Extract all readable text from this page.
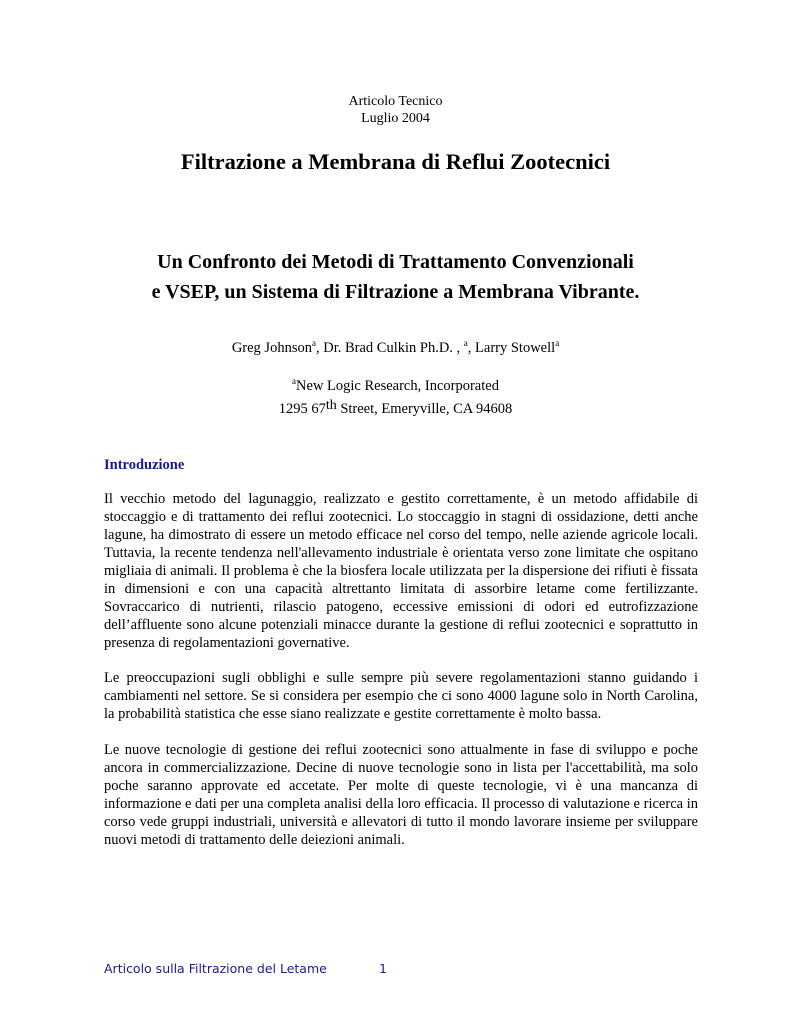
Articolo Tecnico
Luglio 2004
Filtrazione a Membrana di Reflui Zootecnici
Un Confronto dei Metodi di Trattamento Convenzionali
e VSEP, un Sistema di Filtrazione a Membrana Vibrante.
Greg Johnson$^a$, Dr. Brad Culkin Ph.D. , $^a$, Larry Stowell$^a$
$^a$New Logic Research, Incorporated
1295 67th Street, Emeryville, CA 94608
Introduzione

Il vecchio metodo del lagunaggio, realizzato e gestito correttamente, è un metodo affidabile di stoccaggio e di trattamento dei reflui zootecnici. Lo stoccaggio in stagni di ossidazione, detti anche lagune, ha dimostrato di essere un metodo efficace nel corso del tempo, nelle aziende agricole locali. Tuttavia, la recente tendenza nell'allevamento industriale è orientata verso zone limitate che ospitano migliaia di animali. Il problema è che la biosfera locale utilizzata per la dispersione dei rifiuti è fissata in dimensioni e con una capacità altrettanto limitata di assorbire letame come fertilizzante. Sovraccarico di nutrienti, rilascio patogeno, eccessive emissioni di odori ed eutrofizzazione dell’affluente sono alcune potenziali minacce durante la gestione di reflui zootecnici e soprattutto in presenza di regolamentazioni governative.

Le preoccupazioni sugli obblighi e sulle sempre più severe regolamentazioni stanno guidando i cambiamenti nel settore. Se si considera per esempio che ci sono 4000 lagune solo in North Carolina, la probabilità statistica che esse siano realizzate e gestite correttamente è molto bassa.

Le nuove tecnologie di gestione dei reflui zootecnici sono attualmente in fase di sviluppo e poche ancora in commercializzazione. Decine di nuove tecnologie sono in lista per l'accettabilità, ma solo poche saranno approvate ed accetate. Per molte di queste tecnologie, vi è una mancanza di informazione e dati per una completa analisi della loro efficacia. Il processo di valutazione e ricerca in corso vede gruppi industriali, università e allevatori di tutto il mondo lavorare insieme per sviluppare nuovi metodi di trattamento delle deiezioni animali.

Articolo sulla Filtrazione del Letame	1
